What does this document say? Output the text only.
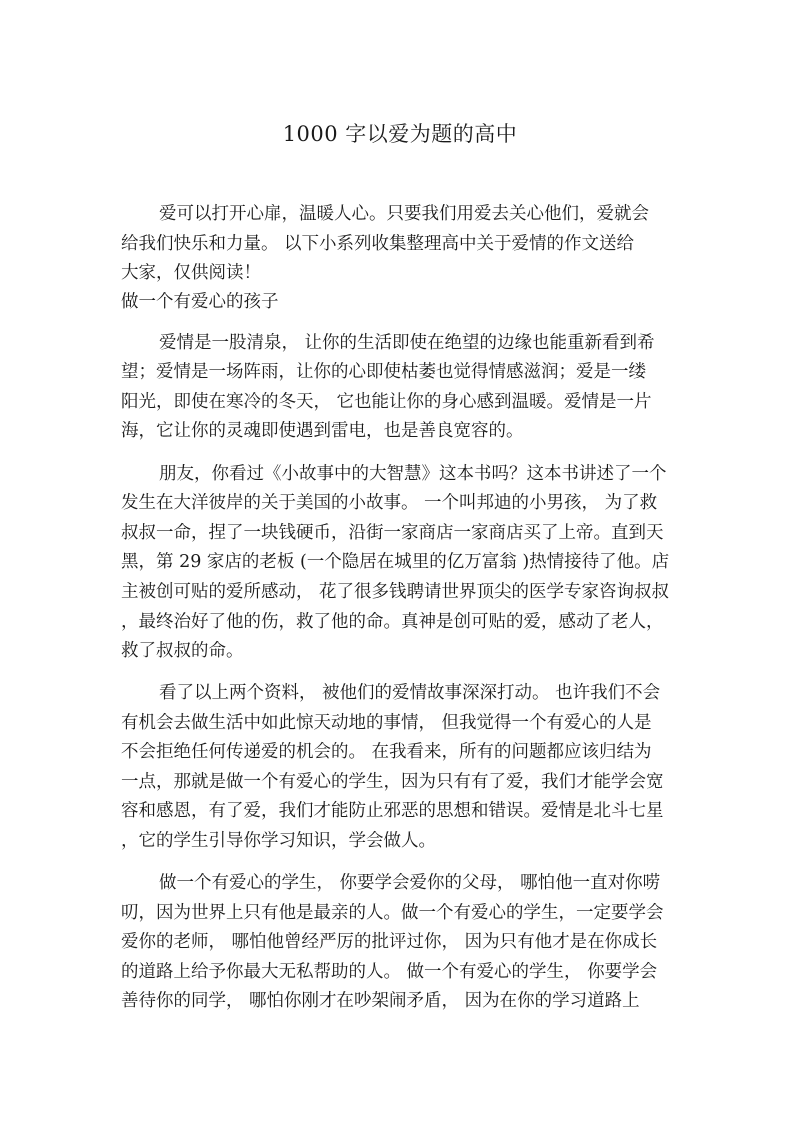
1000 字以爱为题的高中
爱可以打开心扉，温暖人心。只要我们用爱去关心他们，爱就会
给我们快乐和力量。 以下小系列收集整理高中关于爱情的作文送给
大家，仅供阅读！
做一个有爱心的孩子
爱情是一股清泉， 让你的生活即使在绝望的边缘也能重新看到希
望；爱情是一场阵雨，让你的心即使枯萎也觉得情感滋润；爱是一缕
阳光，即使在寒冷的冬天， 它也能让你的身心感到温暖。爱情是一片
海，它让你的灵魂即使遇到雷电，也是善良宽容的。
朋友，你看过《小故事中的大智慧》这本书吗？这本书讲述了一个
发生在大洋彼岸的关于美国的小故事。 一个叫邦迪的小男孩， 为了救
叔叔一命，捏了一块钱硬币，沿街一家商店一家商店买了上帝。直到天
黑，第 29 家店的老板 (一个隐居在城里的亿万富翁 )热情接待了他。店
主被创可贴的爱所感动， 花了很多钱聘请世界顶尖的医学专家咨询叔叔
，最终治好了他的伤，救了他的命。真神是创可贴的爱，感动了老人，
救了叔叔的命。
看了以上两个资料， 被他们的爱情故事深深打动。 也许我们不会
有机会去做生活中如此惊天动地的事情， 但我觉得一个有爱心的人是
不会拒绝任何传递爱的机会的。 在我看来，所有的问题都应该归结为
一点，那就是做一个有爱心的学生，因为只有有了爱，我们才能学会宽
容和感恩，有了爱，我们才能防止邪恶的思想和错误。爱情是北斗七星
，它的学生引导你学习知识，学会做人。
做一个有爱心的学生， 你要学会爱你的父母， 哪怕他一直对你唠
叨，因为世界上只有他是最亲的人。做一个有爱心的学生，一定要学会
爱你的老师， 哪怕他曾经严厉的批评过你， 因为只有他才是在你成长
的道路上给予你最大无私帮助的人。 做一个有爱心的学生， 你要学会
善待你的同学， 哪怕你刚才在吵架闹矛盾， 因为在你的学习道路上
